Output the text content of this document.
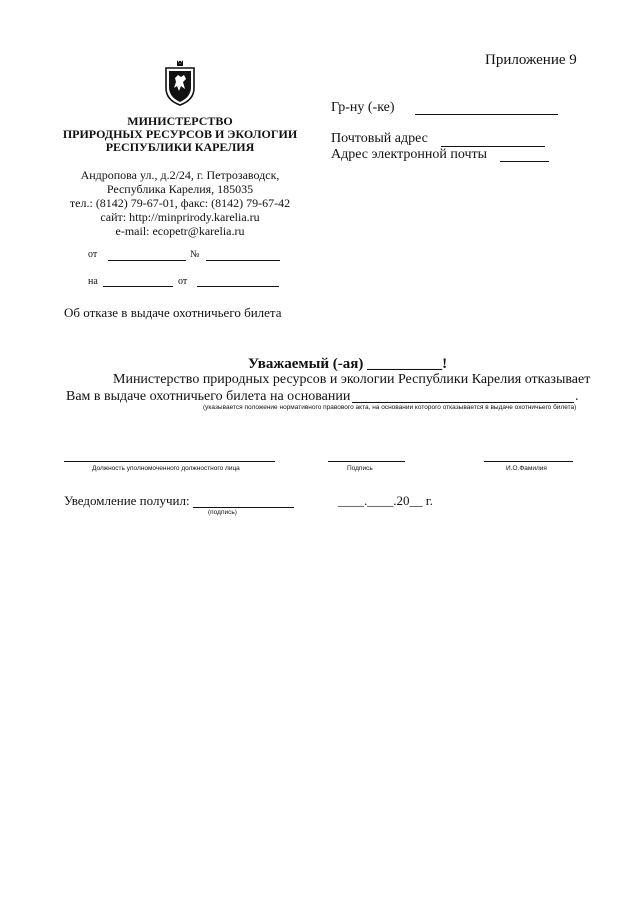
Приложение 9
МИНИСТЕРСТВО
ПРИРОДНЫХ РЕСУРСОВ И ЭКОЛОГИИ
РЕСПУБЛИКИ КАРЕЛИЯ
Андропова ул., д.2/24, г. Петрозаводск,
Республика Карелия, 185035
тел.: (8142) 79-67-01, факс: (8142) 79-67-42
сайт: http://minprirody.karelia.ru
e-mail: ecopetr@karelia.ru
от	№
на	от
Гр-ну (-ке)
Почтовый адрес
Адрес электронной почты
Об отказе в выдаче охотничьего билета
Уважаемый (-ая) __________!
Министерство природных ресурсов и экологии Республики Карелия отказывает
Вам в выдаче охотничьего билета на основании	.
(указывается положение нормативного правового акта, на основании которого отказывается в выдаче охотничьего билета)
Должность уполномоченного должностного лица	Подпись	И.О.Фамилия
Уведомление получил:
(подпись)
____.____.20__ г.
